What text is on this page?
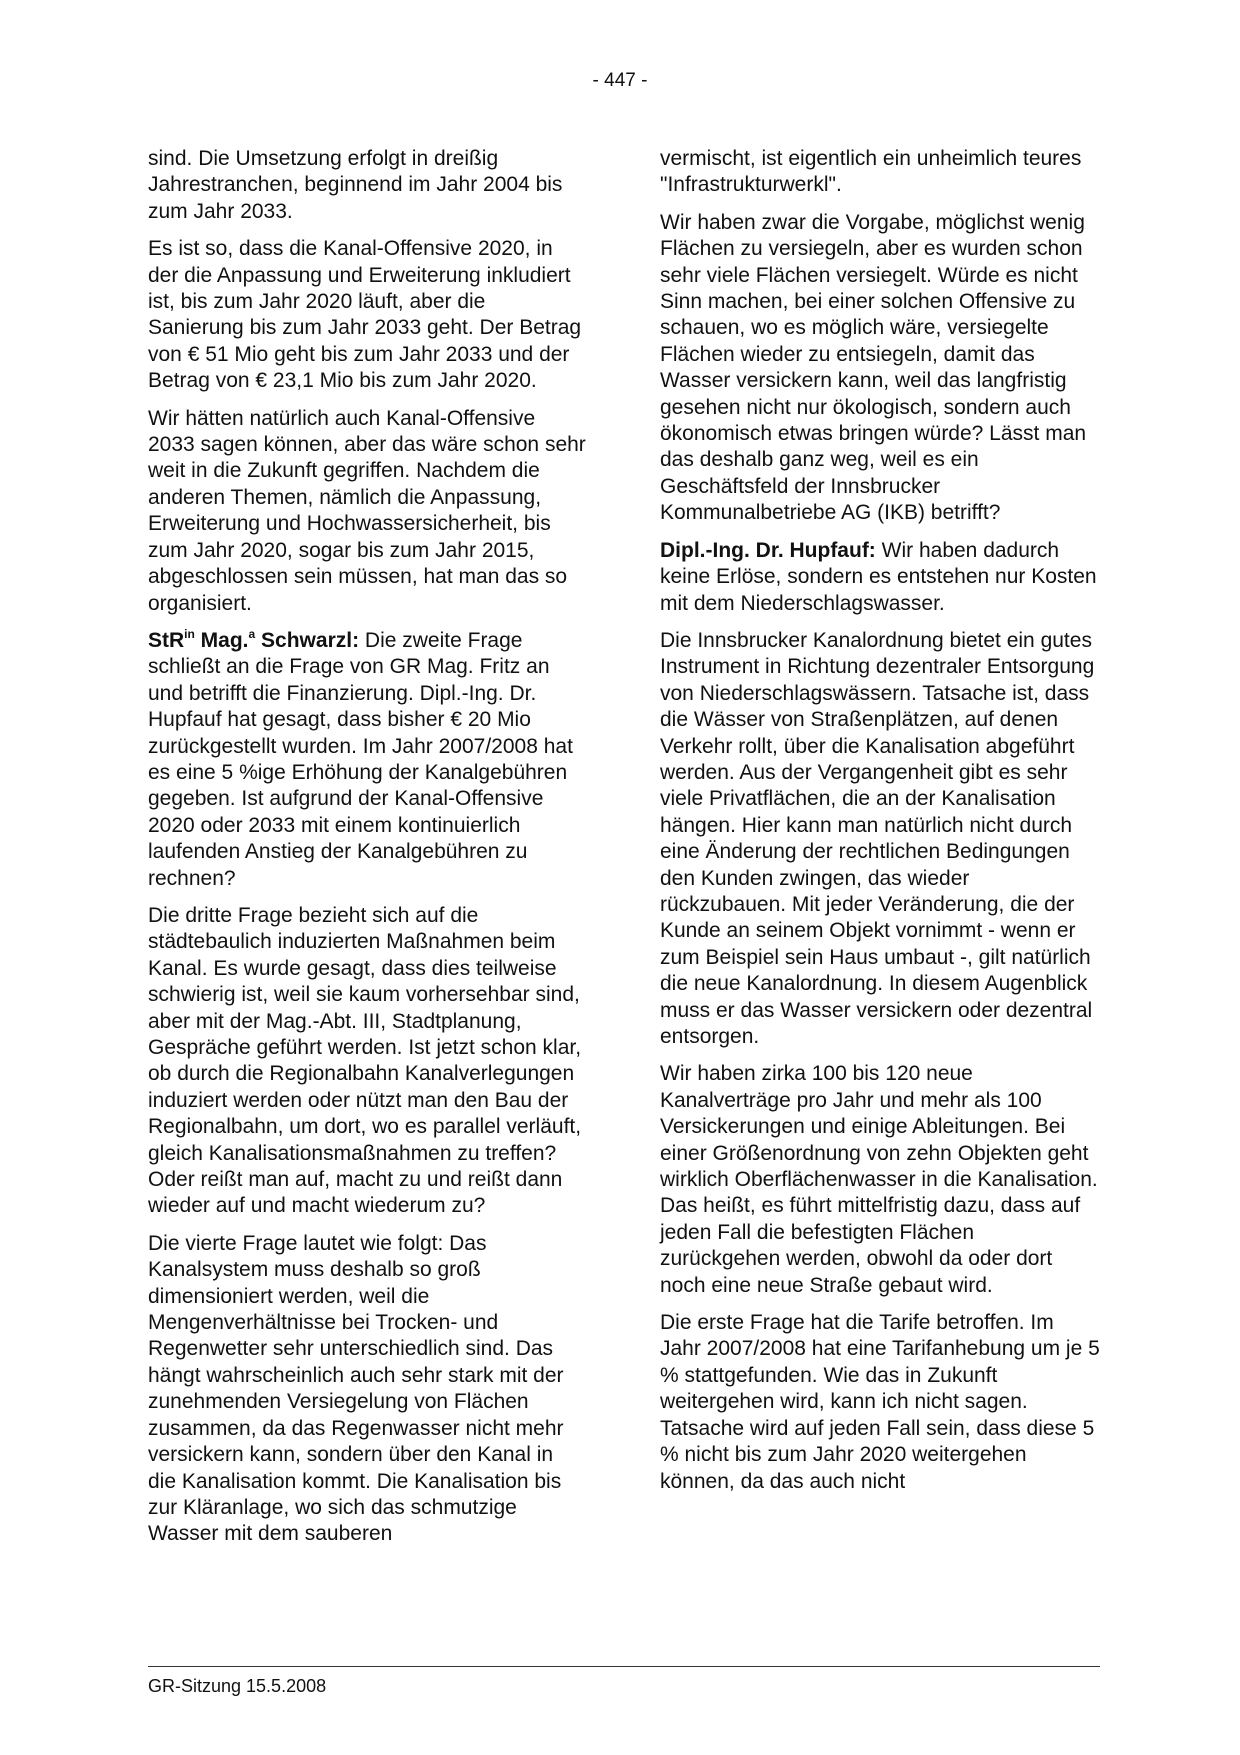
- 447 -

sind. Die Umsetzung erfolgt in dreißig Jahrestranchen, beginnend im Jahr 2004 bis zum Jahr 2033.

Es ist so, dass die Kanal-Offensive 2020, in der die Anpassung und Erweiterung inkludiert ist, bis zum Jahr 2020 läuft, aber die Sanierung bis zum Jahr 2033 geht. Der Betrag von € 51 Mio geht bis zum Jahr 2033 und der Betrag von € 23,1 Mio bis zum Jahr 2020.

Wir hätten natürlich auch Kanal-Offensive 2033 sagen können, aber das wäre schon sehr weit in die Zukunft gegriffen. Nachdem die anderen Themen, nämlich die Anpassung, Erweiterung und Hochwassersicherheit, bis zum Jahr 2020, sogar bis zum Jahr 2015, abgeschlossen sein müssen, hat man das so organisiert.

StR$^{in}$ Mag.$^a$ Schwarzl: Die zweite Frage schließt an die Frage von GR Mag. Fritz an und betrifft die Finanzierung. Dipl.-Ing. Dr. Hupfauf hat gesagt, dass bisher € 20 Mio zurückgestellt wurden. Im Jahr 2007/2008 hat es eine 5 %ige Erhöhung der Kanalgebühren gegeben. Ist aufgrund der Kanal-Offensive 2020 oder 2033 mit einem kontinuierlich laufenden Anstieg der Kanalgebühren zu rechnen?

Die dritte Frage bezieht sich auf die städtebaulich induzierten Maßnahmen beim Kanal. Es wurde gesagt, dass dies teilweise schwierig ist, weil sie kaum vorhersehbar sind, aber mit der Mag.-Abt. III, Stadtplanung, Gespräche geführt werden. Ist jetzt schon klar, ob durch die Regionalbahn Kanalverlegungen induziert werden oder nützt man den Bau der Regionalbahn, um dort, wo es parallel verläuft, gleich Kanalisationsmaßnahmen zu treffen? Oder reißt man auf, macht zu und reißt dann wieder auf und macht wiederum zu?

Die vierte Frage lautet wie folgt: Das Kanalsystem muss deshalb so groß dimensioniert werden, weil die Mengenverhältnisse bei Trocken- und Regenwetter sehr unterschiedlich sind. Das hängt wahrscheinlich auch sehr stark mit der zunehmenden Versiegelung von Flächen zusammen, da das Regenwasser nicht mehr versickern kann, sondern über den Kanal in die Kanalisation kommt. Die Kanalisation bis zur Kläranlage, wo sich das schmutzige Wasser mit dem sauberen

vermischt, ist eigentlich ein unheimlich teures "Infrastrukturwerkl".

Wir haben zwar die Vorgabe, möglichst wenig Flächen zu versiegeln, aber es wurden schon sehr viele Flächen versiegelt. Würde es nicht Sinn machen, bei einer solchen Offensive zu schauen, wo es möglich wäre, versiegelte Flächen wieder zu entsiegeln, damit das Wasser versickern kann, weil das langfristig gesehen nicht nur ökologisch, sondern auch ökonomisch etwas bringen würde? Lässt man das deshalb ganz weg, weil es ein Geschäftsfeld der Innsbrucker Kommunalbetriebe AG (IKB) betrifft?

Dipl.-Ing. Dr. Hupfauf: Wir haben dadurch keine Erlöse, sondern es entstehen nur Kosten mit dem Niederschlagswasser.

Die Innsbrucker Kanalordnung bietet ein gutes Instrument in Richtung dezentraler Entsorgung von Niederschlagswässern. Tatsache ist, dass die Wässer von Straßenplätzen, auf denen Verkehr rollt, über die Kanalisation abgeführt werden. Aus der Vergangenheit gibt es sehr viele Privatflächen, die an der Kanalisation hängen. Hier kann man natürlich nicht durch eine Änderung der rechtlichen Bedingungen den Kunden zwingen, das wieder rückzubauen. Mit jeder Veränderung, die der Kunde an seinem Objekt vornimmt - wenn er zum Beispiel sein Haus umbaut -, gilt natürlich die neue Kanalordnung. In diesem Augenblick muss er das Wasser versickern oder dezentral entsorgen.

Wir haben zirka 100 bis 120 neue Kanalverträge pro Jahr und mehr als 100 Versickerungen und einige Ableitungen. Bei einer Größenordnung von zehn Objekten geht wirklich Oberflächenwasser in die Kanalisation. Das heißt, es führt mittelfristig dazu, dass auf jeden Fall die befestigten Flächen zurückgehen werden, obwohl da oder dort noch eine neue Straße gebaut wird.

Die erste Frage hat die Tarife betroffen. Im Jahr 2007/2008 hat eine Tarifanhebung um je 5 % stattgefunden. Wie das in Zukunft weitergehen wird, kann ich nicht sagen. Tatsache wird auf jeden Fall sein, dass diese 5 % nicht bis zum Jahr 2020 weitergehen können, da das auch nicht

GR-Sitzung 15.5.2008
